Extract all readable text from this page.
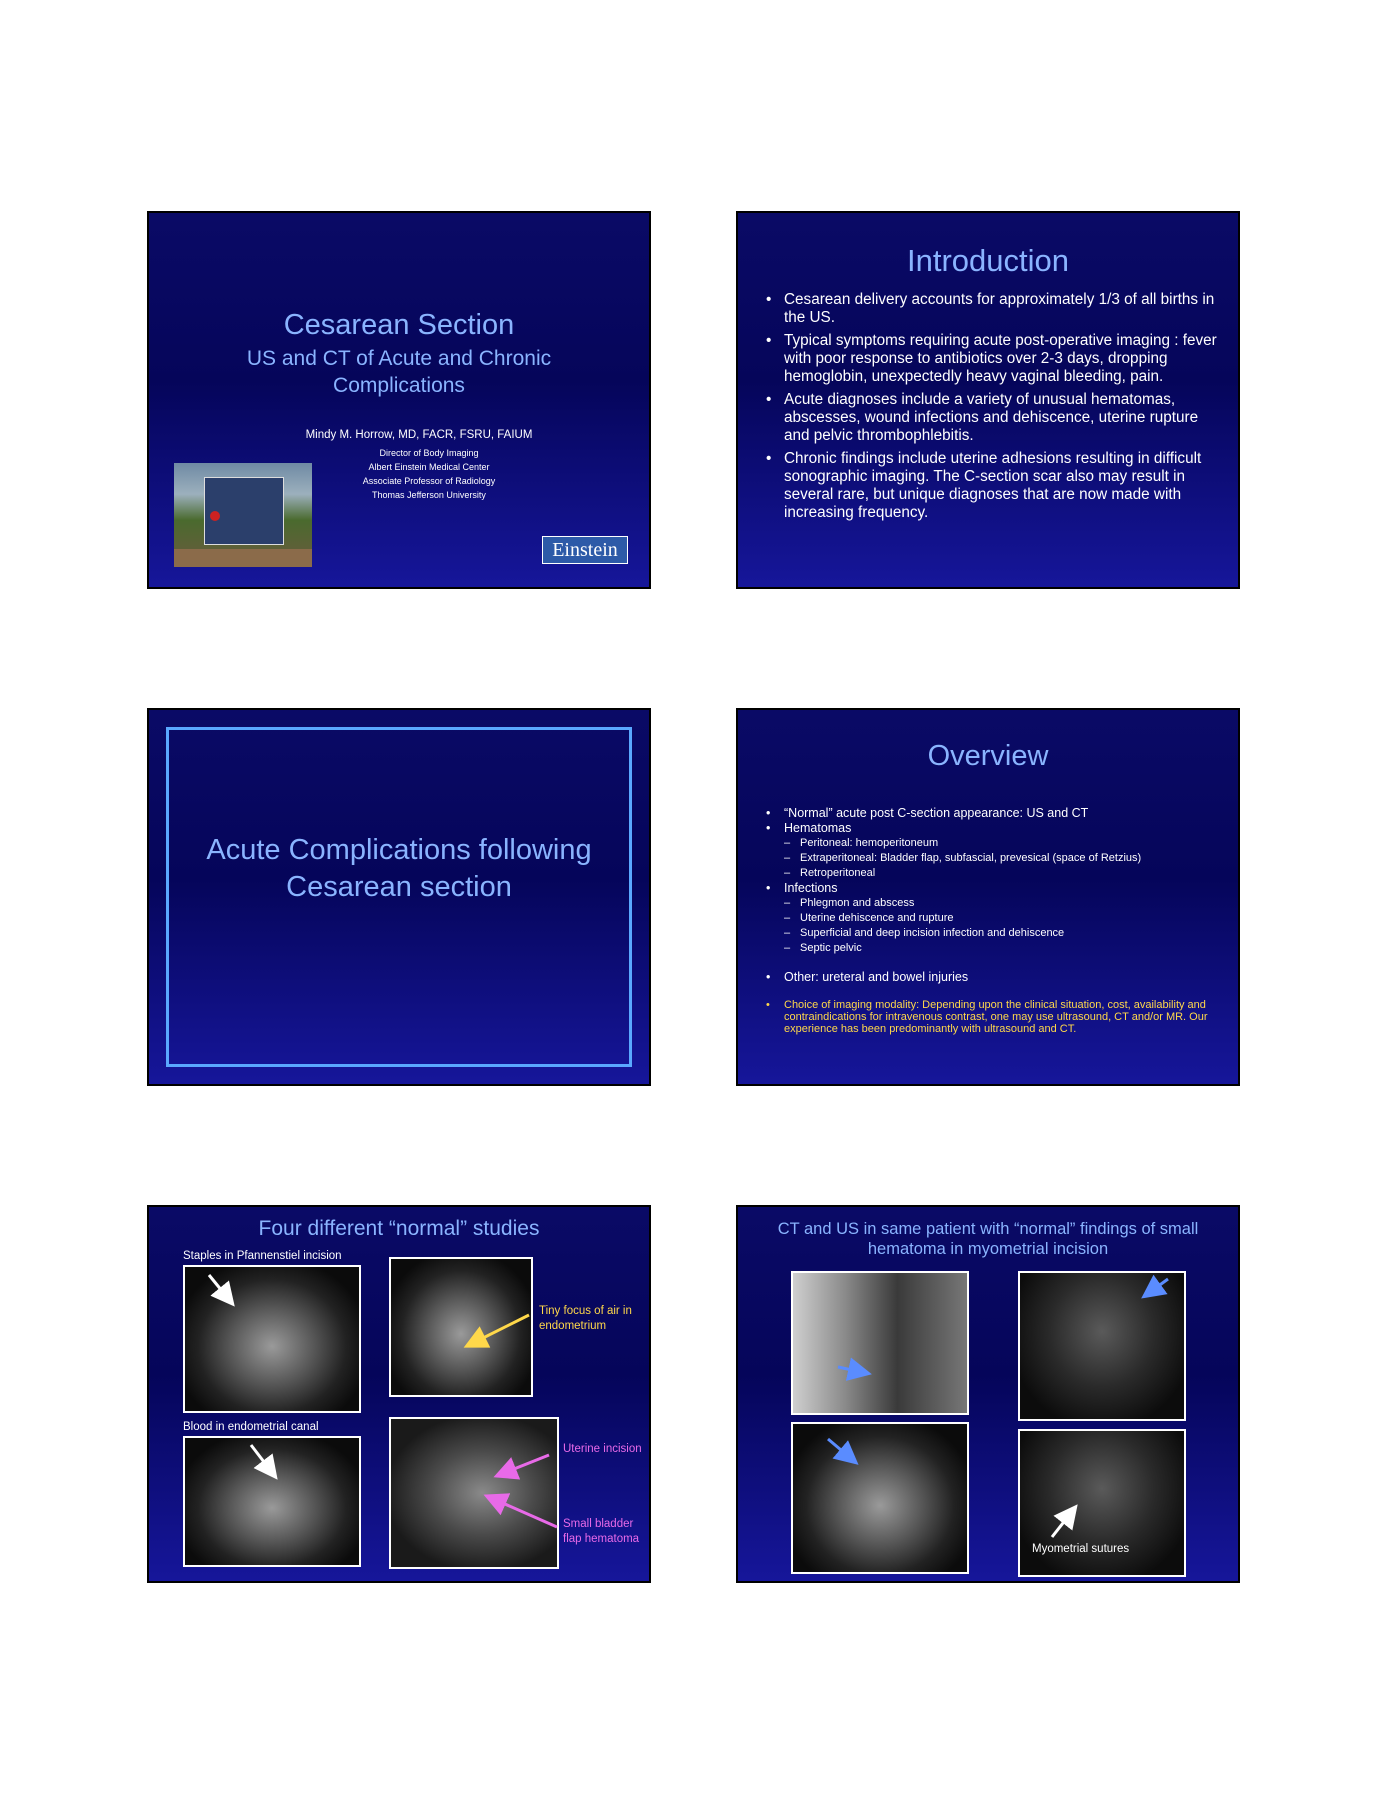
Cesarean Section
US and CT of Acute and Chronic Complications
Mindy M. Horrow, MD, FACR, FSRU, FAIUM
Director of Body Imaging
Albert Einstein Medical Center
Associate Professor of Radiology
Thomas Jefferson University
Einstein
Introduction
• Cesarean delivery accounts for approximately 1/3 of all births in the US.
• Typical symptoms requiring acute post-operative imaging : fever with poor response to antibiotics over 2-3 days, dropping hemoglobin, unexpectedly heavy vaginal bleeding, pain.
• Acute diagnoses include a variety of unusual hematomas, abscesses, wound infections and dehiscence, uterine rupture and pelvic thrombophlebitis.
• Chronic findings include uterine adhesions resulting in difficult sonographic imaging. The C-section scar also may result in several rare, but unique diagnoses that are now made with increasing frequency.
Acute Complications following Cesarean section
Overview
• “Normal” acute post C-section appearance: US and CT
• Hematomas
– Peritoneal: hemoperitoneum
– Extraperitoneal: Bladder flap, subfascial, prevesical (space of Retzius)
– Retroperitoneal
• Infections
– Phlegmon and abscess
– Uterine dehiscence and rupture
– Superficial and deep incision infection and dehiscence
– Septic pelvic
• Other: ureteral and bowel injuries
• Choice of imaging modality: Depending upon the clinical situation, cost, availability and contraindications for intravenous contrast, one may use ultrasound, CT and/or MR. Our experience has been predominantly with ultrasound and CT.
Four different “normal” studies
Staples in Pfannenstiel incision
Tiny focus of air in endometrium
Blood in endometrial canal
Uterine incision
Small bladder flap hematoma
CT and US in same patient with “normal” findings of small hematoma in myometrial incision
Myometrial sutures
